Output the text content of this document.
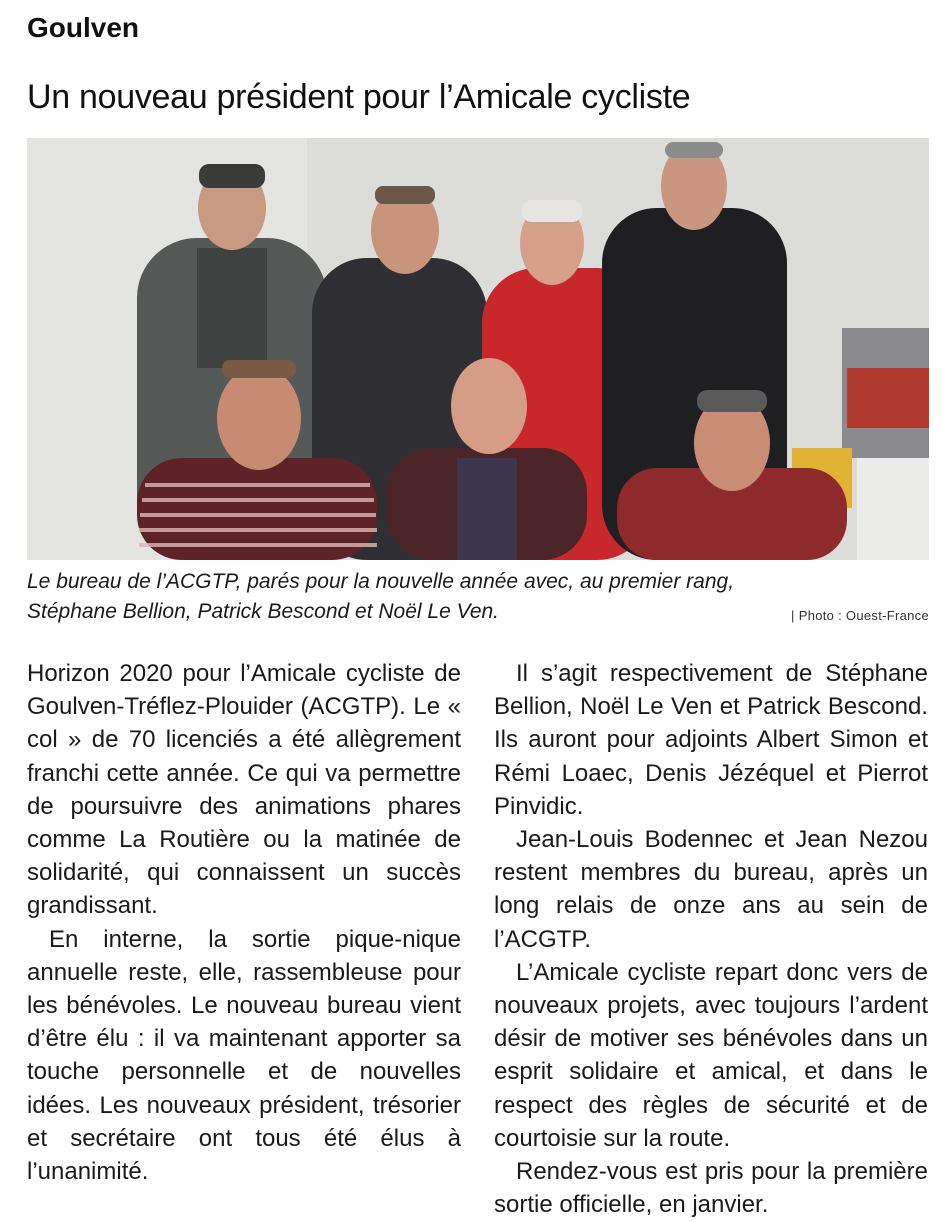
Goulven
Un nouveau président pour l’Amicale cycliste
Le bureau de l’ACGTP, parés pour la nouvelle année avec, au premier rang,
Stéphane Bellion, Patrick Bescond et Noël Le Ven.	| Photo : Ouest-France

Horizon 2020 pour l’Amicale cycliste de Goulven-Tréflez-Plouider (ACGTP). Le « col » de 70 licenciés a été allègrement franchi cette année. Ce qui va permettre de poursuivre des animations phares comme La Routière ou la matinée de solidarité, qui connaissent un succès grandissant.

En interne, la sortie pique-nique annuelle reste, elle, rassembleuse pour les bénévoles. Le nouveau bureau vient d’être élu : il va maintenant apporter sa touche personnelle et de nouvelles idées. Les nouveaux président, trésorier et secrétaire ont tous été élus à l’unanimité.

Il s’agit respectivement de Stéphane Bellion, Noël Le Ven et Patrick Bescond. Ils auront pour adjoints Albert Simon et Rémi Loaec, Denis Jézéquel et Pierrot Pinvidic.

Jean-Louis Bodennec et Jean Nezou restent membres du bureau, après un long relais de onze ans au sein de l’ACGTP.

L’Amicale cycliste repart donc vers de nouveaux projets, avec toujours l’ardent désir de motiver ses bénévoles dans un esprit solidaire et amical, et dans le respect des règles de sécurité et de courtoisie sur la route.

Rendez-vous est pris pour la première sortie officielle, en janvier.
